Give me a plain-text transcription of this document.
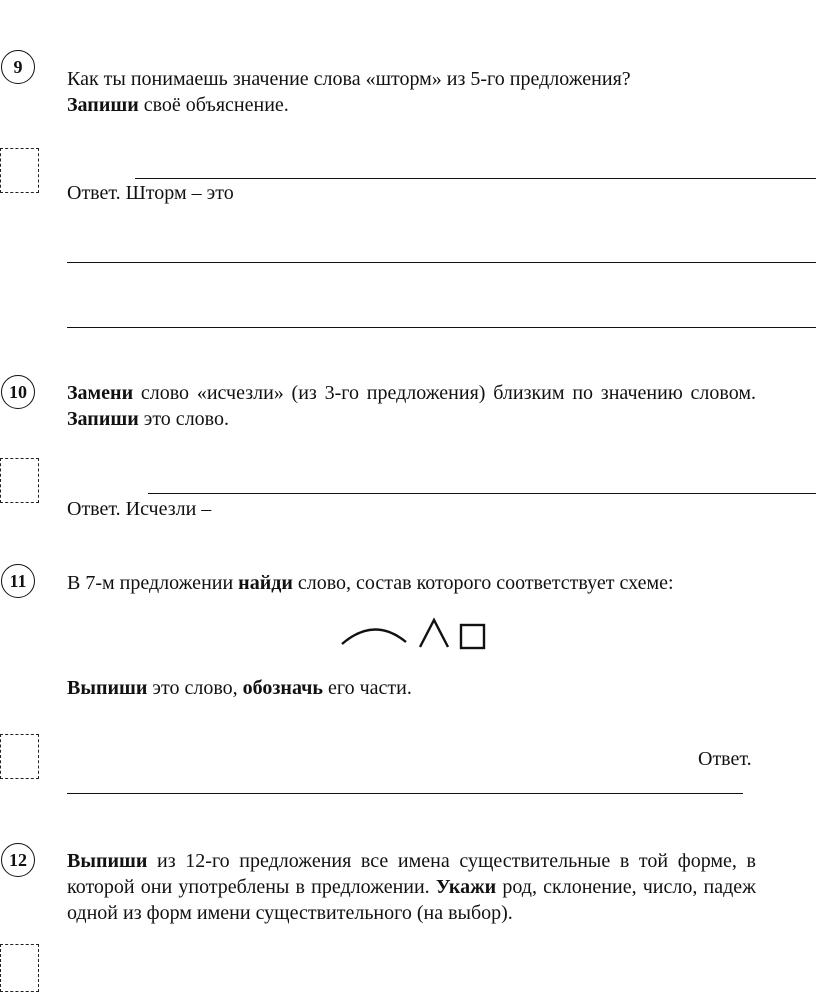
9
Как ты понимаешь значение слова «шторм» из 5-го предложения?
Запиши своё объяснение.
Ответ. Шторм – это
10	Замени слово «исчезли» (из 3-го предложения) близким по значению словом. Запиши это слово.
Ответ. Исчезли –
11	В 7-м предложении найди слово, состав которого соответствует схеме:
Выпиши это слово, обозначь его части.
Ответ.
12	Выпиши из 12-го предложения все имена существительные в той форме, в которой они употреблены в предложении. Укажи род, склонение, число, падеж одной из форм имени существительного (на выбор).
